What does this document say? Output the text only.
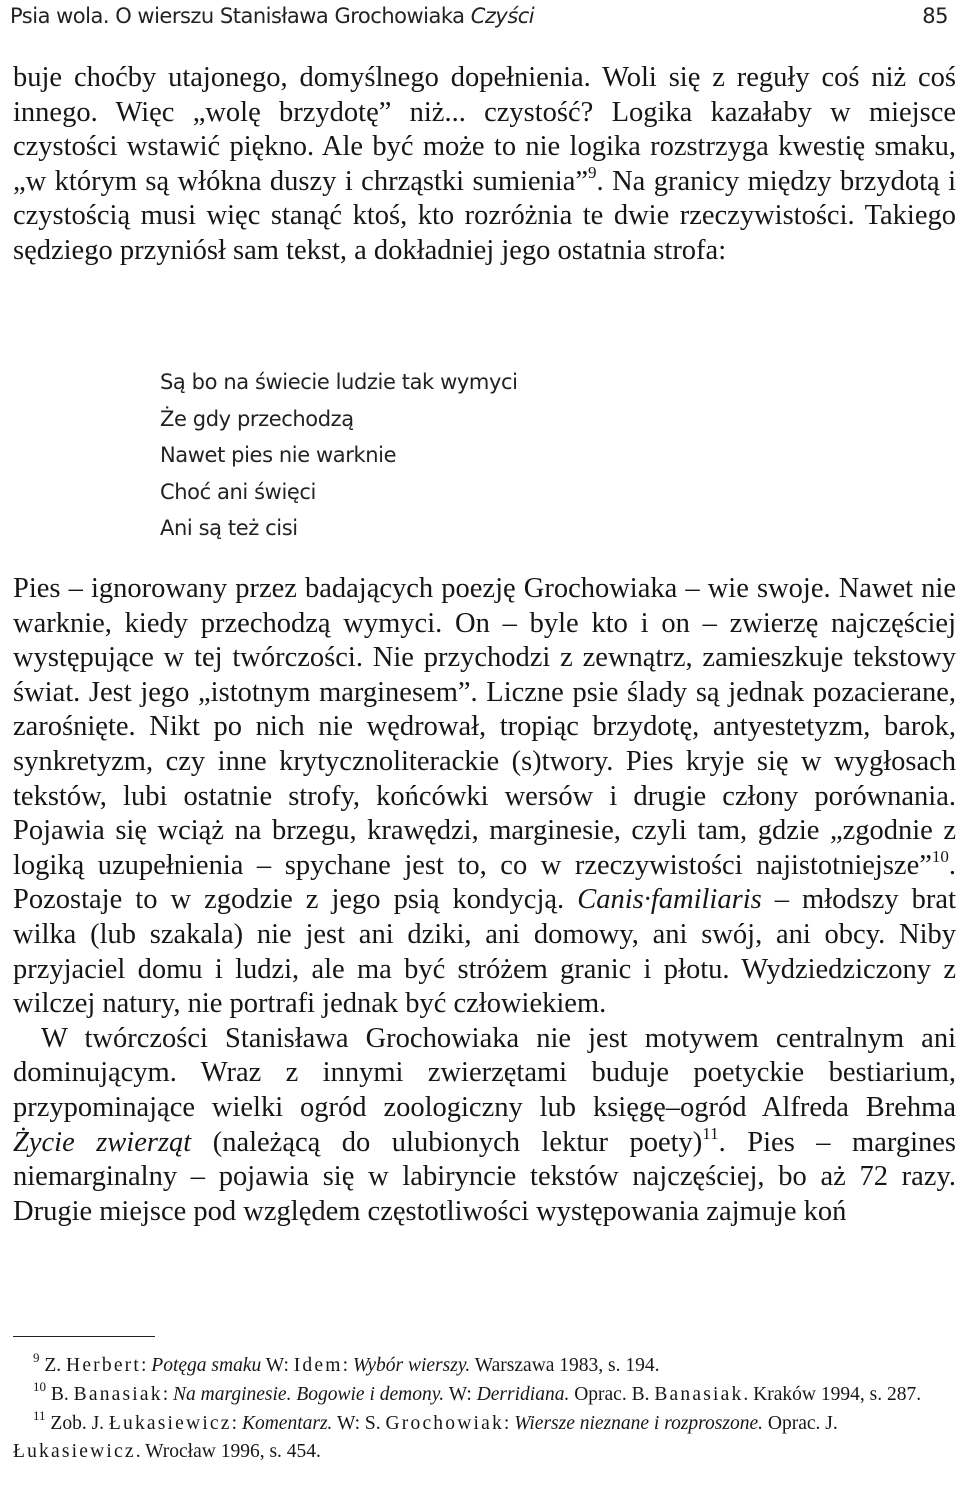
Psia wola. O wierszu Stanisława Grochowiaka Czyści	85

buje choćby utajonego, domyślnego dopełnienia. Woli się z reguły coś niż coś innego. Więc „wolę brzydotę” niż... czystość? Logika kazałaby w miejsce czystości wstawić piękno. Ale być może to nie logika rozstrzyga kwestię smaku, „w którym są włókna duszy i chrząstki sumienia”$^9$. Na granicy między brzydotą i czystością musi więc stanąć ktoś, kto rozróżnia te dwie rzeczywistości. Takiego sędziego przyniósł sam tekst, a dokładniej jego ostatnia strofa:

Są bo na świecie ludzie tak wymyci
Że gdy przechodzą
Nawet pies nie warknie
Choć ani święci
Ani są też cisi

Pies – ignorowany przez badających poezję Grochowiaka – wie swoje. Nawet nie warknie, kiedy przechodzą wymyci. On – byle kto i on – zwierzę najczęściej występujące w tej twórczości. Nie przychodzi z zewnątrz, zamieszkuje tekstowy świat. Jest jego „istotnym marginesem”. Liczne psie ślady są jednak pozacierane, zarośnięte. Nikt po nich nie wędrował, tropiąc brzydotę, antyestetyzm, barok, synkretyzm, czy inne krytycznoliterackie (s)twory. Pies kryje się w wygłosach tekstów, lubi ostatnie strofy, końcówki wersów i drugie człony porównania. Pojawia się wciąż na brzegu, krawędzi, marginesie, czyli tam, gdzie „zgodnie z logiką uzupełnienia – spychane jest to, co w rzeczywistości najistotniejsze”$^{10}$. Pozostaje to w zgodzie z jego psią kondycją. Canis·familiaris – młodszy brat wilka (lub szakala) nie jest ani dziki, ani domowy, ani swój, ani obcy. Niby przyjaciel domu i ludzi, ale ma być stróżem granic i płotu. Wydziedziczony z wilczej natury, nie portrafi jednak być człowiekiem.

W twórczości Stanisława Grochowiaka nie jest motywem centralnym ani dominującym. Wraz z innymi zwierzętami buduje poetyckie bestiarium, przypominające wielki ogród zoologiczny lub księgę–ogród Alfreda Brehma Życie zwierząt (należącą do ulubionych lektur poety)$^{11}$. Pies – margines niemarginalny – pojawia się w labiryncie tekstów najczęściej, bo aż 72 razy. Drugie miejsce pod względem częstotliwości występowania zajmuje koń

$^9$ Z. Herbert: Potęga smaku W: Idem: Wybór wierszy. Warszawa 1983, s. 194.

$^{10}$ B. Banasiak: Na marginesie. Bogowie i demony. W: Derridiana. Oprac. B. Banasiak. Kraków 1994, s. 287.

$^{11}$ Zob. J. Łukasiewicz: Komentarz. W: S. Grochowiak: Wiersze nieznane i rozproszone. Oprac. J. Łukasiewicz. Wrocław 1996, s. 454.
